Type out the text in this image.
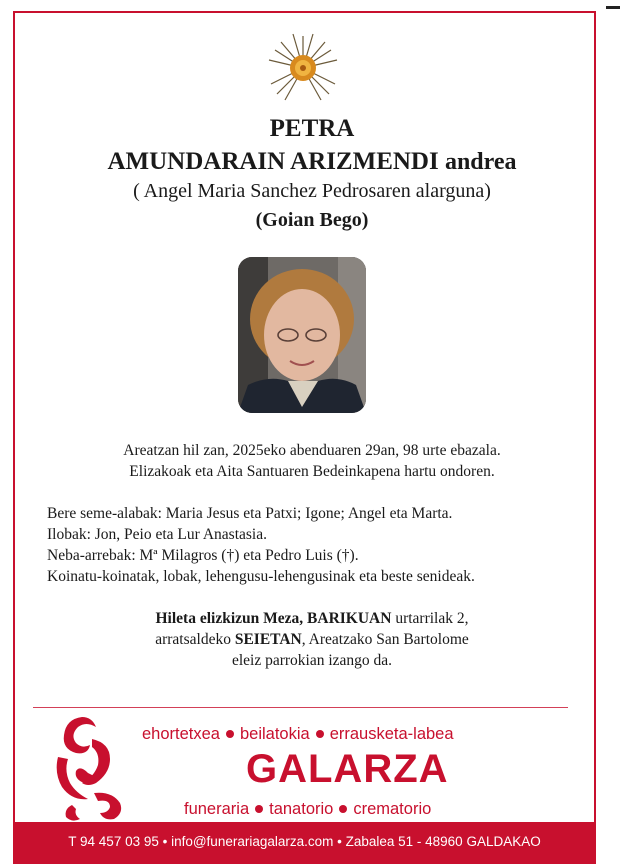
PETRA
AMUNDARAIN ARIZMENDI andrea
( Angel Maria Sanchez Pedrosaren alarguna)
(Goian Bego)
Areatzan hil zan, 2025eko abenduaren 29an, 98 urte ebazala.
Elizakoak eta Aita Santuaren Bedeinkapena hartu ondoren.
Bere seme-alabak: Maria Jesus eta Patxi; Igone; Angel eta Marta.
Ilobak: Jon, Peio eta Lur Anastasia.
Neba-arrebak: Mª Milagros (†) eta Pedro Luis (†).
Koinatu-koinatak, lobak, lehengusu-lehengusinak eta beste senideak.
Hileta elizkizun Meza, BARIKUAN urtarrilak 2,
arratsaldeko SEIETAN, Areatzako San Bartolome
eleiz parrokian izango da.
ehortetxea beilatokia errausketa-labea
GALARZA
funeraria tanatorio crematorio
T 94 457 03 95 • info@funerariagalarza.com • Zabalea 51 - 48960 GALDAKAO
